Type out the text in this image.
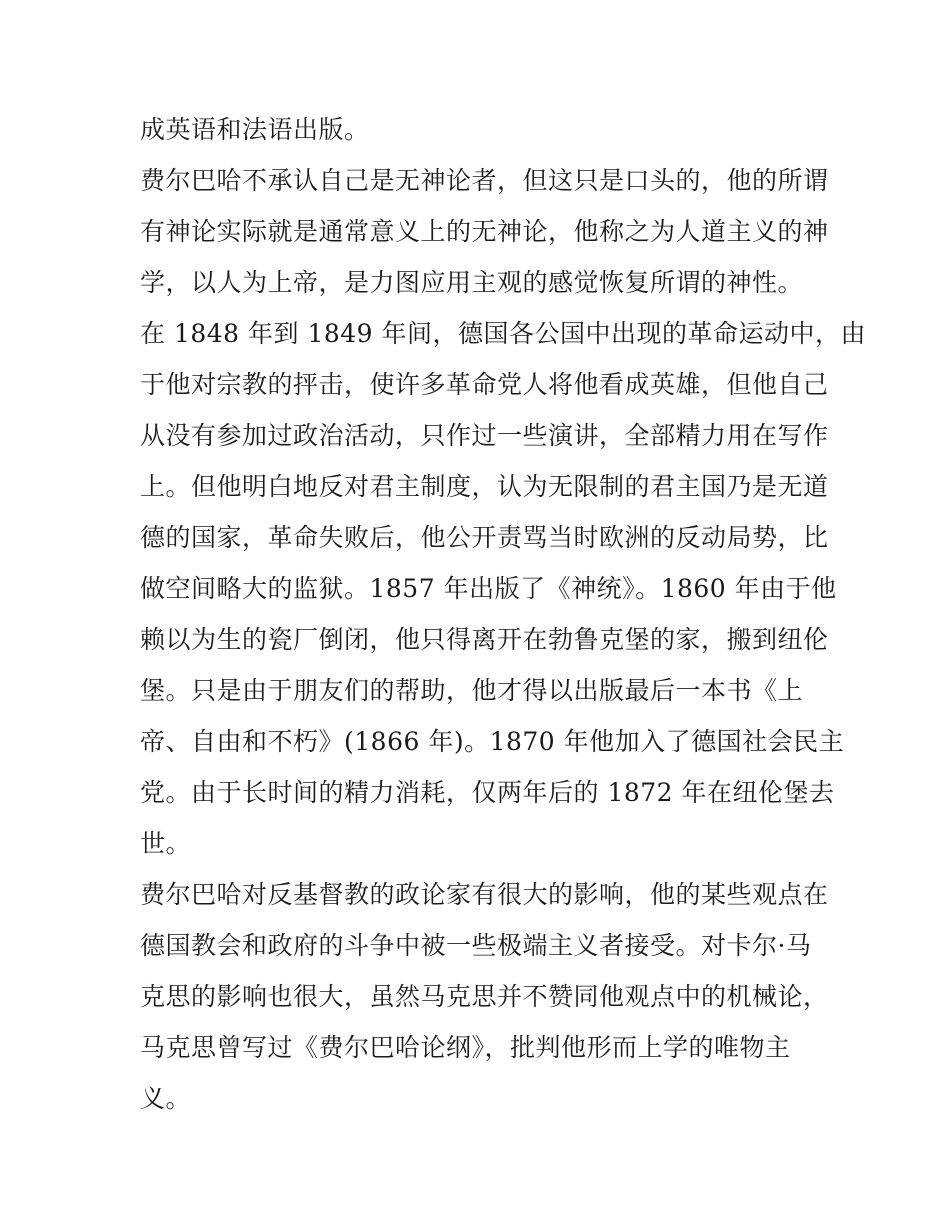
成英语和法语出版。
费尔巴哈不承认自己是无神论者，但这只是口头的，他的所谓
有神论实际就是通常意义上的无神论，他称之为人道主义的神
学，以人为上帝，是力图应用主观的感觉恢复所谓的神性。
在 1848 年到 1849 年间，德国各公国中出现的革命运动中，由
于他对宗教的抨击，使许多革命党人将他看成英雄，但他自己
从没有参加过政治活动，只作过一些演讲，全部精力用在写作
上。但他明白地反对君主制度，认为无限制的君主国乃是无道
德的国家，革命失败后，他公开责骂当时欧洲的反动局势，比
做空间略大的监狱。1857 年出版了《神统》。1860 年由于他
赖以为生的瓷厂倒闭，他只得离开在勃鲁克堡的家，搬到纽伦
堡。只是由于朋友们的帮助，他才得以出版最后一本书《上
帝、自由和不朽》(1866 年)。1870 年他加入了德国社会民主
党。由于长时间的精力消耗，仅两年后的 1872 年在纽伦堡去
世。
费尔巴哈对反基督教的政论家有很大的影响，他的某些观点在
德国教会和政府的斗争中被一些极端主义者接受。对卡尔·马
克思的影响也很大，虽然马克思并不赞同他观点中的机械论，
马克思曾写过《费尔巴哈论纲》，批判他形而上学的唯物主
义。
